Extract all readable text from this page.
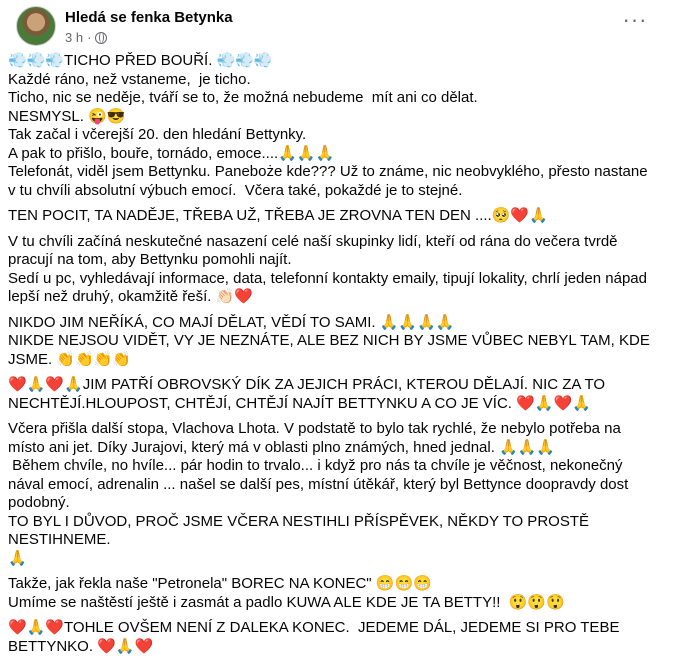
Hledá se fenka Betynka
3 h ·
···
💨💨💨TICHO PŘED BOUŘÍ. 💨💨💨
Každé ráno, než vstaneme,  je ticho.
Ticho, nic se neděje, tváří se to, že možná nebudeme  mít ani co dělat.
NESMYSL. 😜😎
Tak začal i včerejší 20. den hledání Bettynky.
A pak to přišlo, bouře, tornádo, emoce....🙏🙏🙏
Telefonát, viděl jsem Bettynku. Paneboże kde??? Už to známe, nic neobvyklého, přesto nastane
v tu chvíli absolutní výbuch emocí.  Včera také, pokaždé je to stejné.
TEN POCIT, TA NADĚJE, TŘEBA UŽ, TŘEBA JE ZROVNA TEN DEN ....🥺❤️🙏
V tu chvíli začíná neskutečné nasazení celé naší skupinky lidí, kteří od rána do večera tvrdě
pracují na tom, aby Bettynku pomohli najít.
Sedí u pc, vyhledávají informace, data, telefonní kontakty emaily, tipují lokality, chrlí jeden nápad
lepší než druhý, okamžitě řeší. 👏🏻❤️
NIKDO JIM NEŘÍKÁ, CO MAJÍ DĚLAT, VĚDÍ TO SAMI. 🙏🙏🙏🙏
NIKDE NEJSOU VIDĚT, VY JE NEZNÁTE, ALE BEZ NICH BY JSME VŮBEC NEBYL TAM, KDE
JSME. 👏👏👏👏
❤️🙏❤️🙏JIM PATŘÍ OBROVSKÝ DÍK ZA JEJICH PRÁCI, KTEROU DĚLAJÍ. NIC ZA TO
NECHTĚJÍ.HLOUPOST, CHTĚJÍ, CHTĚJÍ NAJÍT BETTYNKU A CO JE VÍC. ❤️🙏❤️🙏
Včera přišla další stopa, Vlachova Lhota. V podstatě to bylo tak rychlé, že nebylo potřeba na
místo ani jet. Díky Jurajovi, který má v oblasti plno známých, hned jednal. 🙏🙏🙏
Během chvíle, no hvíle... pár hodin to trvalo... i když pro nás ta chvíle je věčnost, nekonečný
nával emocí, adrenalin ... našel se další pes, místní útěkář, který byl Bettynce doopravdy dost
podobný.
TO BYL I DŮVOD, PROČ JSME VČERA NESTIHLI PŘÍSPĚVEK, NĚKDY TO PROSTĚ NESTIHNEME.
🙏
Takže, jak řekla naše "Petronela" BOREC NA KONEC" 😁😁😁
Umíme se naštěstí ještě i zasmát a padlo KUWA ALE KDE JE TA BETTY!!  😲😲😲
❤️🙏❤️TOHLE OVŠEM NENÍ Z DALEKA KONEC.  JEDEME DÁL, JEDEME SI PRO TEBE
BETTYNKO. ❤️🙏❤️
